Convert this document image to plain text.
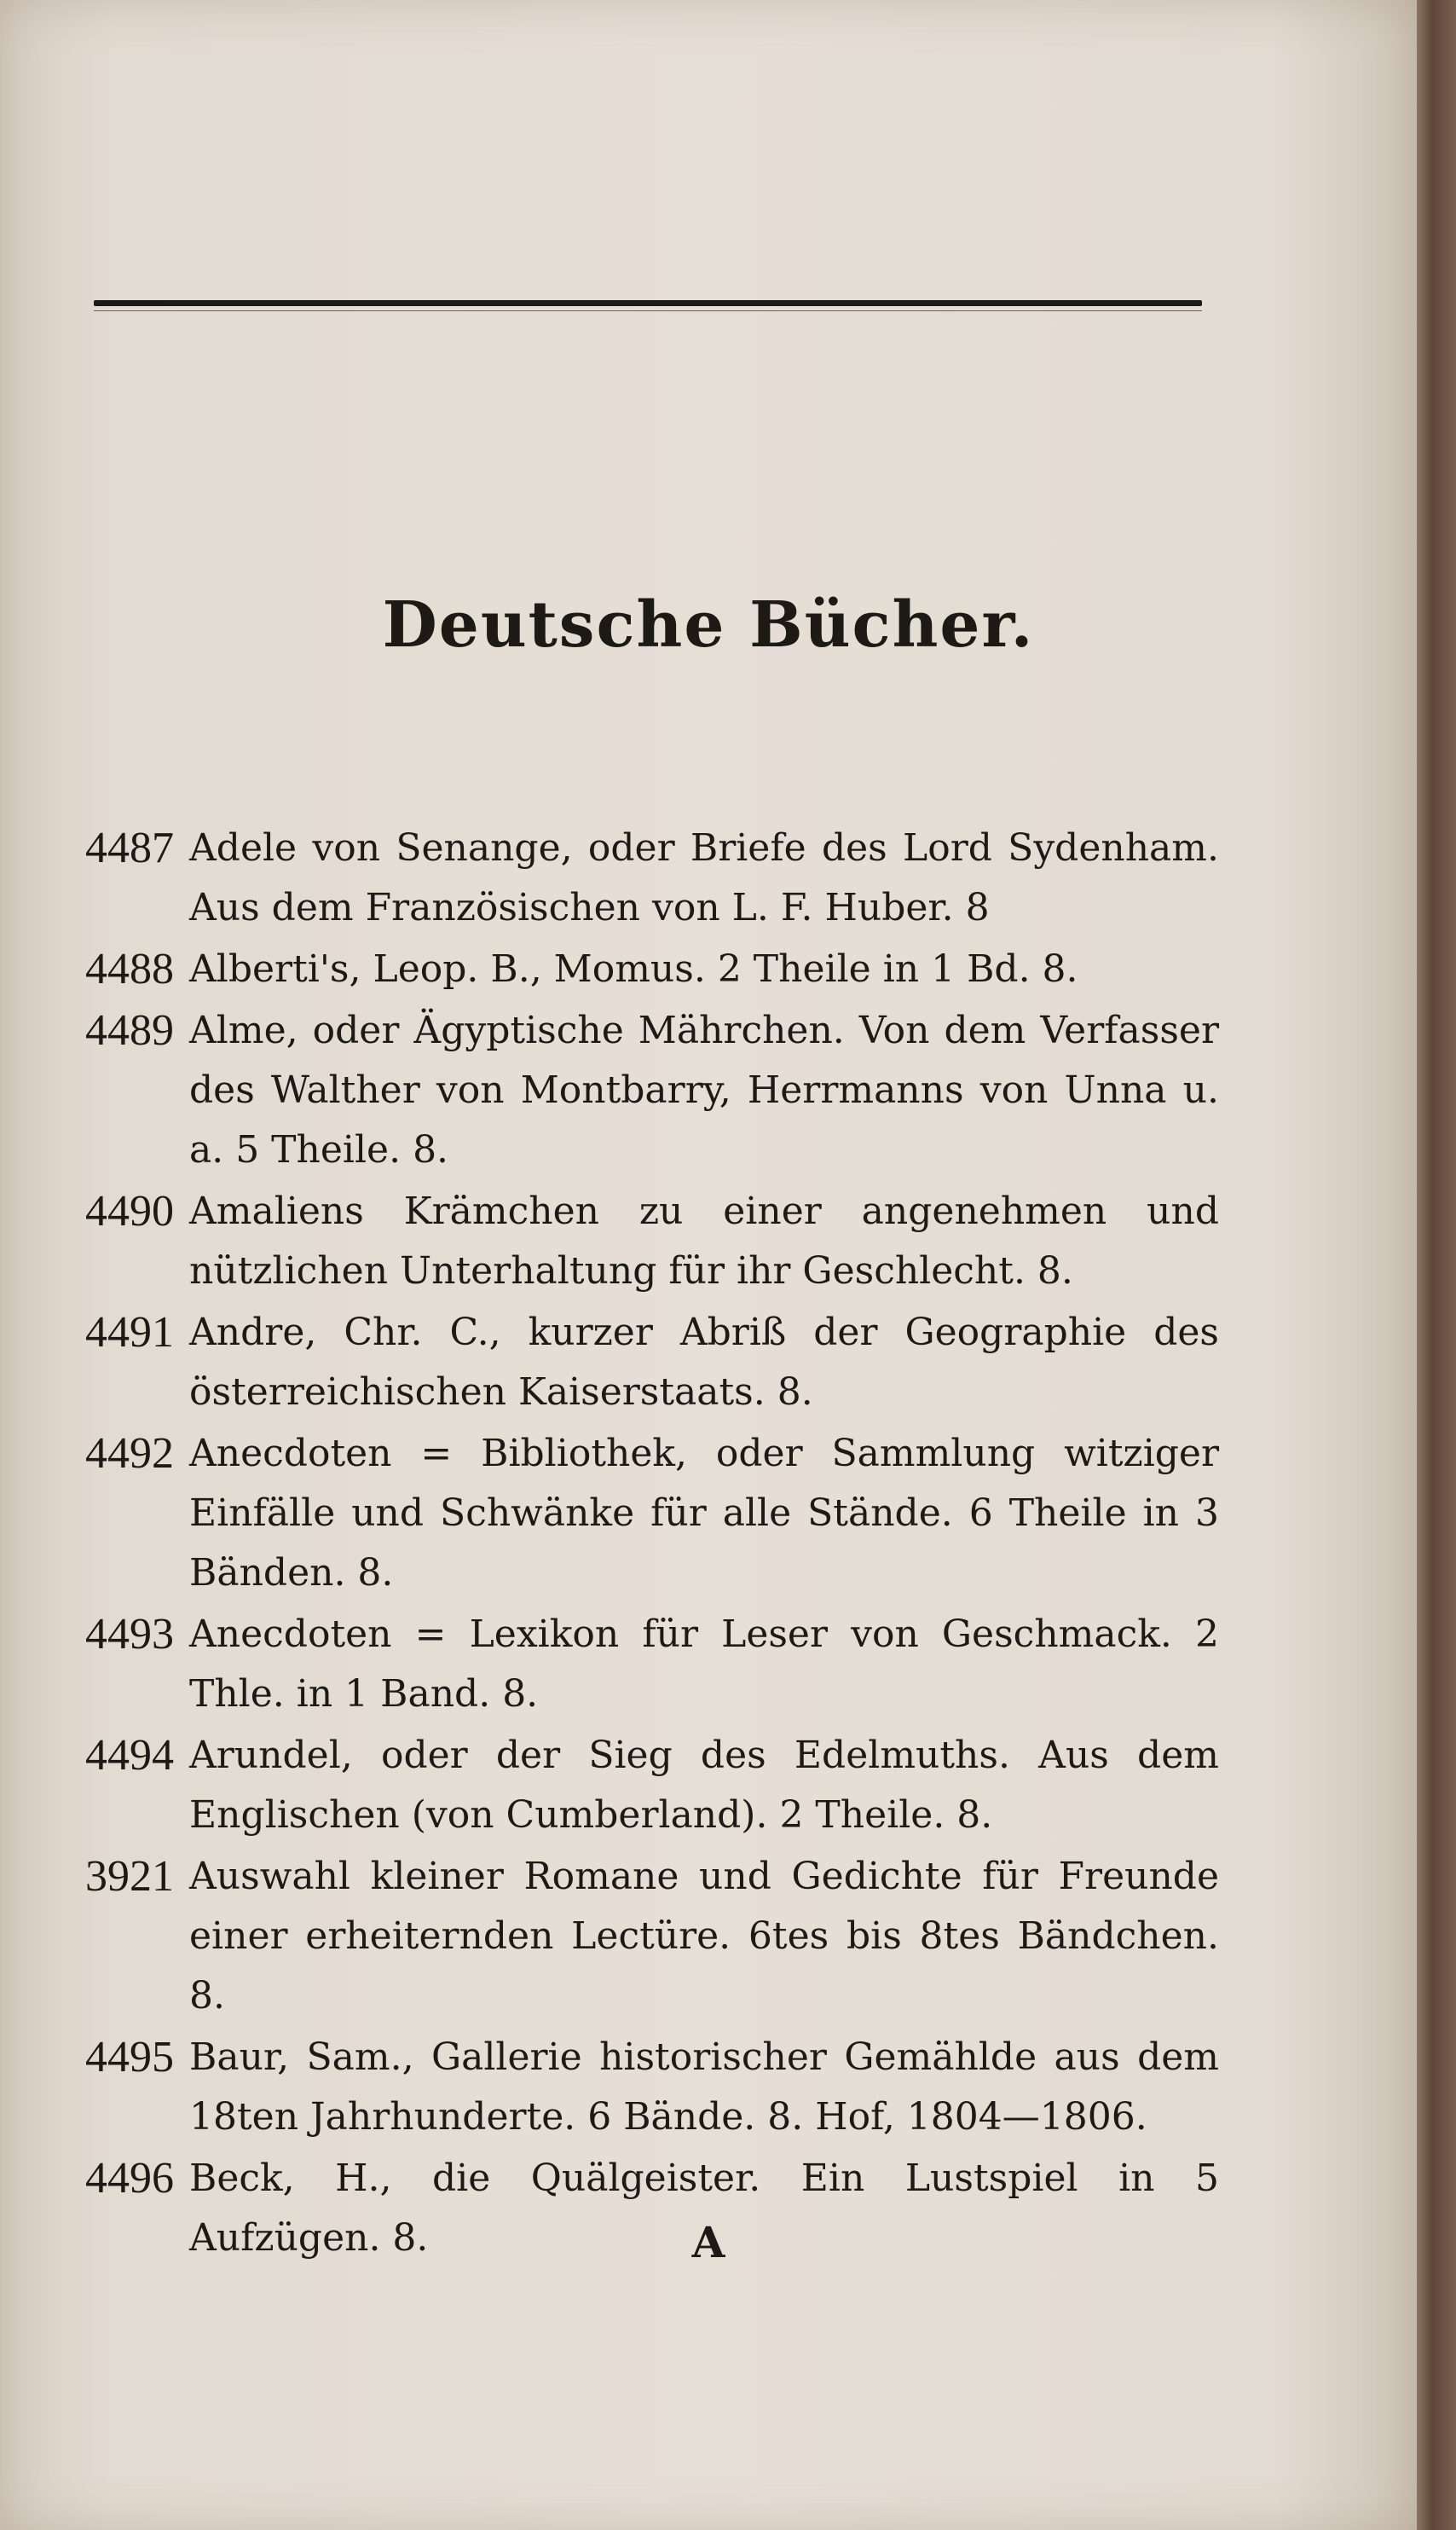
Deutsche Bücher.
4487 Adele von Senange, oder Briefe des Lord Sydenham. Aus dem Französischen von L. F. Huber. 8
4488 Alberti's, Leop. B., Momus. 2 Theile in 1 Bd. 8.
4489 Alme, oder Ägyptische Mährchen. Von dem Verfasser des Walther von Montbarry, Herrmanns von Unna u. a. 5 Theile. 8.
4490 Amaliens Krämchen zu einer angenehmen und nützlichen Unterhaltung für ihr Geschlecht. 8.
4491 Andre, Chr. C., kurzer Abriß der Geographie des österreichischen Kaiserstaats. 8.
4492 Anecdoten = Bibliothek, oder Sammlung witziger Einfälle und Schwänke für alle Stände. 6 Theile in 3 Bänden. 8.
4493 Anecdoten = Lexikon für Leser von Geschmack. 2 Thle. in 1 Band. 8.
4494 Arundel, oder der Sieg des Edelmuths. Aus dem Englischen (von Cumberland). 2 Theile. 8.
3921 Auswahl kleiner Romane und Gedichte für Freunde einer erheiternden Lectüre. 6tes bis 8tes Bändchen. 8.
4495 Baur, Sam., Gallerie historischer Gemählde aus dem 18ten Jahrhunderte. 6 Bände. 8. Hof, 1804—1806.
4496 Beck, H., die Quälgeister. Ein Lustspiel in 5 Aufzügen. 8.	A
